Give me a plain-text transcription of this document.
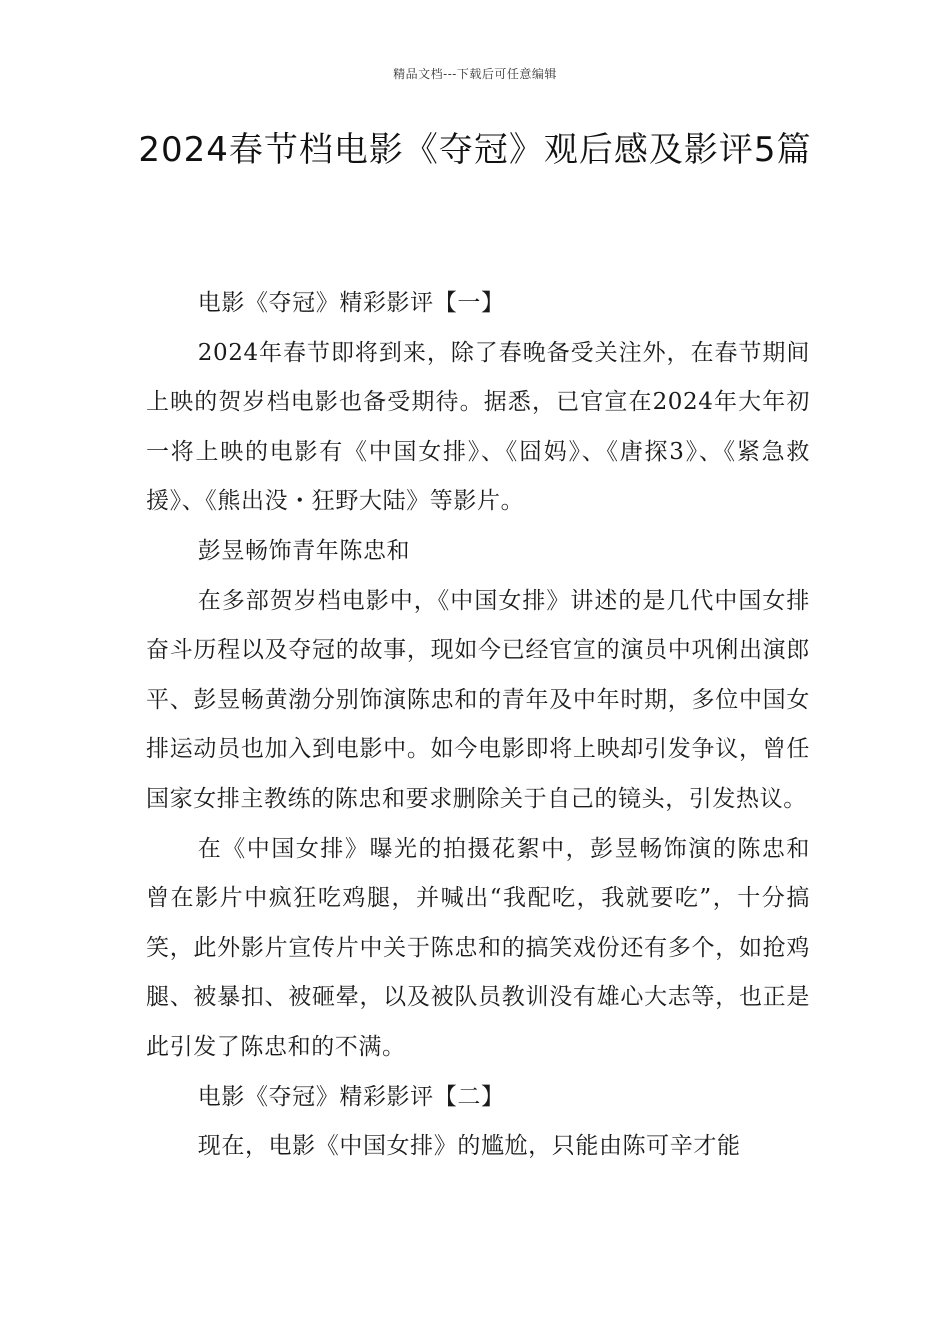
精品文档---下载后可任意编辑
2024春节档电影《夺冠》观后感及影评5篇

电影《夺冠》精彩影评【一】

2024年春节即将到来，除了春晚备受关注外，在春节期间上映的贺岁档电影也备受期待。据悉，已官宣在2024年大年初一将上映的电影有《中国女排》、《囧妈》、《唐探3》、《紧急救援》、《熊出没・狂野大陆》等影片。

彭昱畅饰青年陈忠和

在多部贺岁档电影中，《中国女排》讲述的是几代中国女排奋斗历程以及夺冠的故事，现如今已经官宣的演员中巩俐出演郎平、彭昱畅黄渤分别饰演陈忠和的青年及中年时期，多位中国女排运动员也加入到电影中。如今电影即将上映却引发争议，曾任国家女排主教练的陈忠和要求删除关于自己的镜头，引发热议。

在《中国女排》曝光的拍摄花絮中，彭昱畅饰演的陈忠和曾在影片中疯狂吃鸡腿，并喊出“我配吃，我就要吃”，十分搞笑，此外影片宣传片中关于陈忠和的搞笑戏份还有多个，如抢鸡腿、被暴扣、被砸晕，以及被队员教训没有雄心大志等，也正是此引发了陈忠和的不满。

电影《夺冠》精彩影评【二】

现在，电影《中国女排》的尴尬，只能由陈可辛才能
